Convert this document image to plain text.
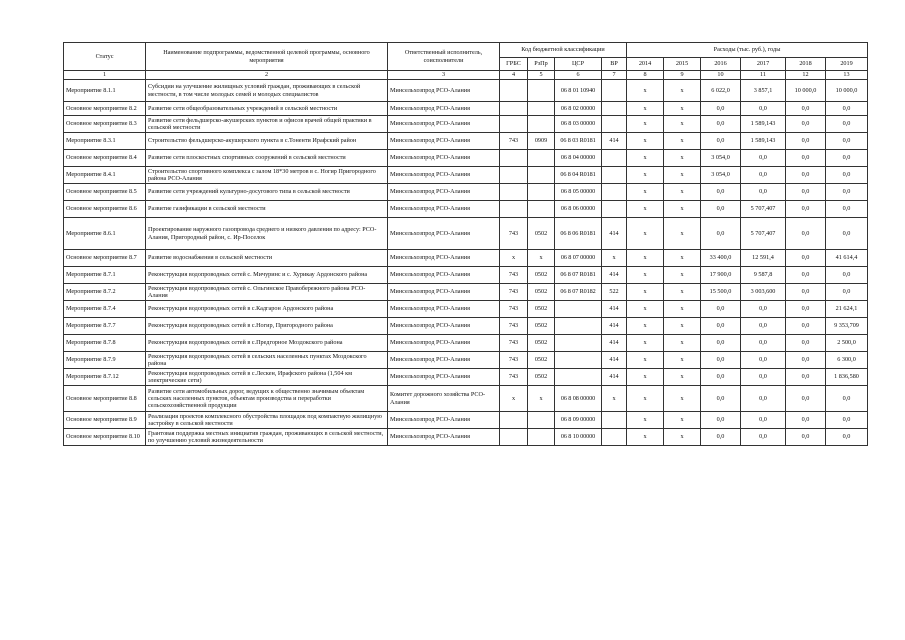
Статус	Наименование подпрограммы, ведомственной целевой программы, основного мероприятия	Ответственный исполнитель, соисполнители	Код бюджетной классификации				Расходы (тыс. руб.), годы					
			ГРБС	РзПр	ЦСР	ВР	2014	2015	2016	2017	2018	2019
1	2	3	4	5	6	7	8	9	10	11	12	13
Мероприятие 8.1.1	Субсидии на улучшение жилищных условий граждан, проживающих в сельской местности, в том числе молодых семей и молодых специалистов	Минсельхозпрод РСО-Алания			06 8 01 10940		х	х	6 022,0	3 857,1	10 000,0	10 000,0
Основное мероприятие 8.2	Развитие сети общеобразовательных учреждений в сельской местности	Минсельхозпрод РСО-Алания			06 8 02 00000		х	х	0,0	0,0	0,0	0,0
Основное мероприятие 8.3	Развитие сети фельдшерско-акушерских пунктов и офисов врачей общей практики в сельской местности	Минсельхозпрод РСО-Алания			06 8 03 00000		х	х	0,0	1 589,143	0,0	0,0
Мероприятие 8.3.1	Строительство фельдшерско-акушерского пункта в с.Тоненти Ирафский район	Минсельхозпрод РСО-Алания	743	0909	06 8 03 R0181	414	х	х	0,0	1 589,143	0,0	0,0
Основное мероприятие 8.4	Развитие сети плоскостных спортивных сооружений в сельской местности	Минсельхозпрод РСО-Алания			06 8 04 00000		х	х	3 054,0	0,0	0,0	0,0
Мероприятие 8.4.1	Строительство спортивного комплекса с залом 18*30 метров в с. Ногир Пригородного района РСО-Алания	Минсельхозпрод РСО-Алания			06 8 04 R0181		х	х	3 054,0	0,0	0,0	0,0
Основное мероприятие 8.5	Развитие сети учреждений культурно-досугового типа в сельской местности	Минсельхозпрод РСО-Алания			06 8 05 00000		х	х	0,0	0,0	0,0	0,0
Основное мероприятие 8.6	Развитие газификации в сельской местности	Минсельхозпрод РСО-Алания			06 8 06 00000		х	х	0,0	5 707,407	0,0	0,0
Мероприятие 8.6.1	Проектирование наружного газопровода среднего и низкого давления по адресу: РСО-Алания, Пригородный район, с. Ир-Поселок	Минсельхозпрод РСО-Алания	743	0502	06 8 06 R0181	414	х	х	0,0	5 707,407	0,0	0,0
Основное мероприятие 8.7	Развитие водоснабжения в сельской местности	Минсельхозпрод РСО-Алания	х	х	06 8 07 00000	х	х	х	33 400,0	12 591,4	0,0	41 614,4
Мероприятие 8.7.1	Реконструкция водопроводных сетей с. Мичуринс и с. Хурикау Ардонского района	Минсельхозпрод РСО-Алания	743	0502	06 8 07 R0181	414	х	х	17 900,0	9 587,8	0,0	0,0
Мероприятие 8.7.2	Реконструкция водопроводных сетей с. Ольгинское Правобережного района РСО-Алания	Минсельхозпрод РСО-Алания	743	0502	06 8 07 R0182	522	х	х	15 500,0	3 003,600	0,0	0,0
Мероприятие 8.7.4	Реконструкция водопроводных сетей в с.Кадгарон Ардонского района	Минсельхозпрод РСО-Алания	743	0502		414	х	х	0,0	0,0	0,0	21 624,1
Мероприятие 8.7.7	Реконструкция водопроводных сетей в с.Ногир, Пригородного района	Минсельхозпрод РСО-Алания	743	0502		414	х	х	0,0	0,0	0,0	9 353,709
Мероприятие 8.7.8	Реконструкция водопроводных сетей в с.Предгорное Моздокского района	Минсельхозпрод РСО-Алания	743	0502		414	х	х	0,0	0,0	0,0	2 500,0
Мероприятие 8.7.9	Реконструкция водопроводных сетей в сельских населенных пунктах Моздокского района	Минсельхозпрод РСО-Алания	743	0502		414	х	х	0,0	0,0	0,0	6 300,0
Мероприятие 8.7.12	Реконструкция водопроводных сетей в с.Лескен, Ирафского района (1,504 км электрические сети)	Минсельхозпрод РСО-Алания	743	0502		414	х	х	0,0	0,0	0,0	1 836,580
Основное мероприятие 8.8	Развитие сети автомобильных дорог, ведущих к общественно значимым объектам сельских населенных пунктов, объектам производства и переработки сельскохозяйственной продукции	Комитет дорожного хозяйства РСО-Алания	х	х	06 8 08 00000	х	х	х	0,0	0,0	0,0	0,0
Основное мероприятие 8.9	Реализация проектов комплексного обустройства площадок под компактную жилищную застройку в сельской местности	Минсельхозпрод РСО-Алания			06 8 09 00000		х	х	0,0	0,0	0,0	0,0
Основное мероприятие 8.10	Грантовая поддержка местных инициатив граждан, проживающих в сельской местности, по улучшению условий жизнедеятельности	Минсельхозпрод РСО-Алания			06 8 10 00000		х	х	0,0	0,0	0,0	0,0
